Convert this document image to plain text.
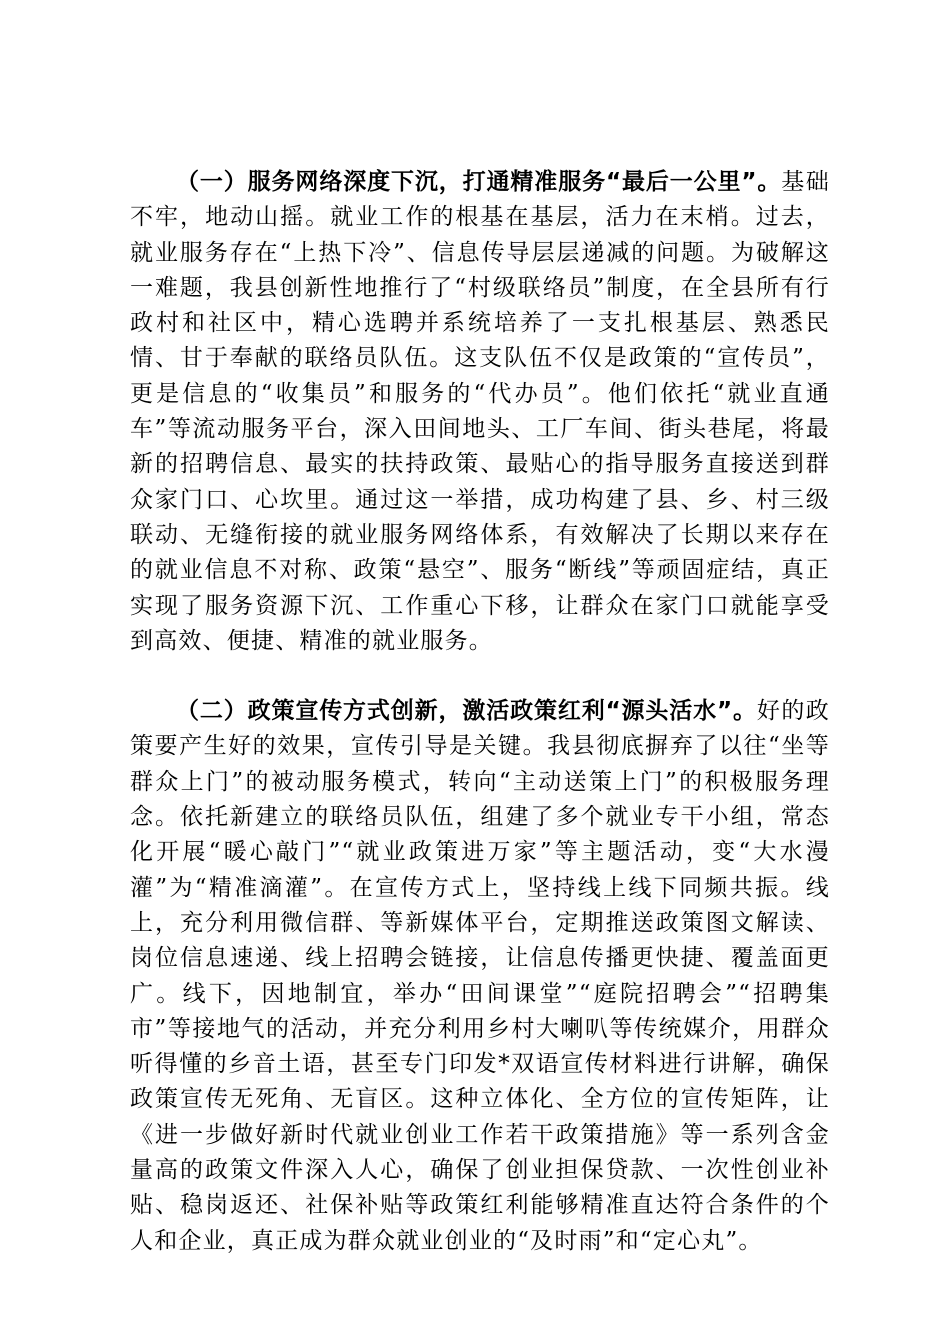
（一）服务网络深度下沉，打通精准服务“最后一公里”。基础不牢，地动山摇。就业工作的根基在基层，活力在末梢。过去，就业服务存在“上热下冷”、信息传导层层递减的问题。为破解这一难题，我县创新性地推行了“村级联络员”制度，在全县所有行政村和社区中，精心选聘并系统培养了一支扎根基层、熟悉民情、甘于奉献的联络员队伍。这支队伍不仅是政策的“宣传员”，更是信息的“收集员”和服务的“代办员”。他们依托“就业直通车”等流动服务平台，深入田间地头、工厂车间、街头巷尾，将最新的招聘信息、最实的扶持政策、最贴心的指导服务直接送到群众家门口、心坎里。通过这一举措，成功构建了县、乡、村三级联动、无缝衔接的就业服务网络体系，有效解决了长期以来存在的就业信息不对称、政策“悬空”、服务“断线”等顽固症结，真正实现了服务资源下沉、工作重心下移，让群众在家门口就能享受到高效、便捷、精准的就业服务。

（二）政策宣传方式创新，激活政策红利“源头活水”。好的政策要产生好的效果，宣传引导是关键。我县彻底摒弃了以往“坐等群众上门”的被动服务模式，转向“主动送策上门”的积极服务理念。依托新建立的联络员队伍，组建了多个就业专干小组，常态化开展“暖心敲门”“就业政策进万家”等主题活动，变“大水漫灌”为“精准滴灌”。在宣传方式上，坚持线上线下同频共振。线上，充分利用微信群、等新媒体平台，定期推送政策图文解读、岗位信息速递、线上招聘会链接，让信息传播更快捷、覆盖面更广。线下，因地制宜，举办“田间课堂”“庭院招聘会”“招聘集市”等接地气的活动，并充分利用乡村大喇叭等传统媒介，用群众听得懂的乡音土语，甚至专门印发*双语宣传材料进行讲解，确保政策宣传无死角、无盲区。这种立体化、全方位的宣传矩阵，让《进一步做好新时代就业创业工作若干政策措施》等一系列含金量高的政策文件深入人心，确保了创业担保贷款、一次性创业补贴、稳岗返还、社保补贴等政策红利能够精准直达符合条件的个人和企业，真正成为群众就业创业的“及时雨”和“定心丸”。
